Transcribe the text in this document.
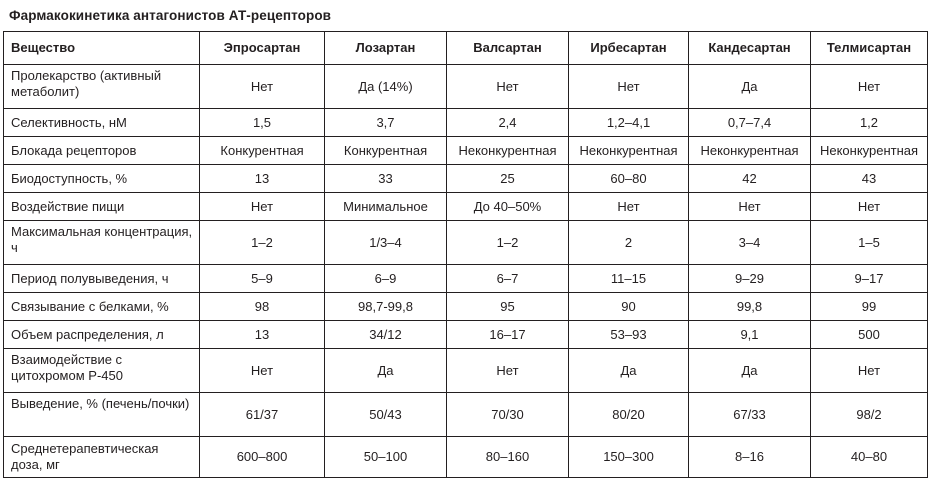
Фармакокинетика антагонистов АТ-рецепторов
Вещество	Эпросартан	Лозартан	Валсартан	Ирбесартан	Кандесартан	Телмисартан
Пролекарство (активный метаболит)	Нет	Да (14%)	Нет	Нет	Да	Нет
Селективность, нМ	1,5	3,7	2,4	1,2–4,1	0,7–7,4	1,2
Блокада рецепторов	Конкурентная	Конкурентная	Неконкурентная	Неконкурентная	Неконкурентная	Неконкурентная
Биодоступность, %	13	33	25	60–80	42	43
Воздействие пищи	Нет	Минимальное	До 40–50%	Нет	Нет	Нет
Максимальная концентрация, ч	1–2	1/3–4	1–2	2	3–4	1–5
Период полувыведения, ч	5–9	6–9	6–7	11–15	9–29	9–17
Связывание с белками, %	98	98,7-99,8	95	90	99,8	99
Объем распределения, л	13	34/12	16–17	53–93	9,1	500
Взаимодействие с цитохромом Р-450	Нет	Да	Нет	Да	Да	Нет
Выведение, % (печень/почки)	61/37	50/43	70/30	80/20	67/33	98/2
Среднетерапевтическая доза, мг	600–800	50–100	80–160	150–300	8–16	40–80
